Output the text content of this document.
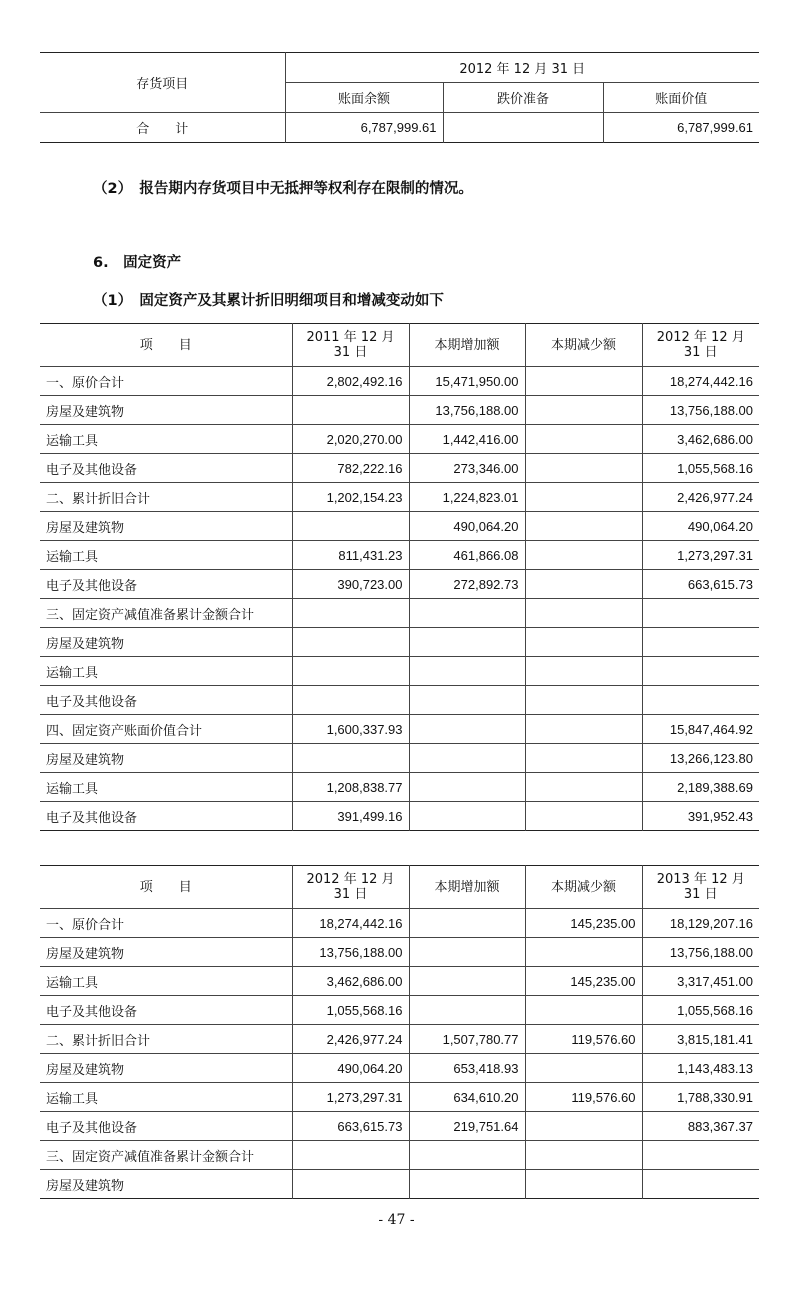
存货项目	2012 年 12 月 31 日		
	账面余额	跌价准备	账面价值
合　　计	6,787,999.61		6,787,999.61
（2）　报告期内存货项目中无抵押等权利存在限制的情况。
6.　固定资产
（1）　固定资产及其累计折旧明细项目和增减变动如下
项　　目	2011 年 12 月 31 日	本期增加额	本期减少额	2012 年 12 月 31 日
一、原价合计	2,802,492.16	15,471,950.00		18,274,442.16
房屋及建筑物		13,756,188.00		13,756,188.00
运输工具	2,020,270.00	1,442,416.00		3,462,686.00
电子及其他设备	782,222.16	273,346.00		1,055,568.16
二、累计折旧合计	1,202,154.23	1,224,823.01		2,426,977.24
房屋及建筑物		490,064.20		490,064.20
运输工具	811,431.23	461,866.08		1,273,297.31
电子及其他设备	390,723.00	272,892.73		663,615.73
三、固定资产减值准备累计金额合计				
房屋及建筑物				
运输工具				
电子及其他设备				
四、固定资产账面价值合计	1,600,337.93			15,847,464.92
房屋及建筑物				13,266,123.80
运输工具	1,208,838.77			2,189,388.69
电子及其他设备	391,499.16			391,952.43
项　　目	2012 年 12 月 31 日	本期增加额	本期减少额	2013 年 12 月 31 日
一、原价合计	18,274,442.16		145,235.00	18,129,207.16
房屋及建筑物	13,756,188.00			13,756,188.00
运输工具	3,462,686.00		145,235.00	3,317,451.00
电子及其他设备	1,055,568.16			1,055,568.16
二、累计折旧合计	2,426,977.24	1,507,780.77	119,576.60	3,815,181.41
房屋及建筑物	490,064.20	653,418.93		1,143,483.13
运输工具	1,273,297.31	634,610.20	119,576.60	1,788,330.91
电子及其他设备	663,615.73	219,751.64		883,367.37
三、固定资产减值准备累计金额合计				
房屋及建筑物				
- 47 -
